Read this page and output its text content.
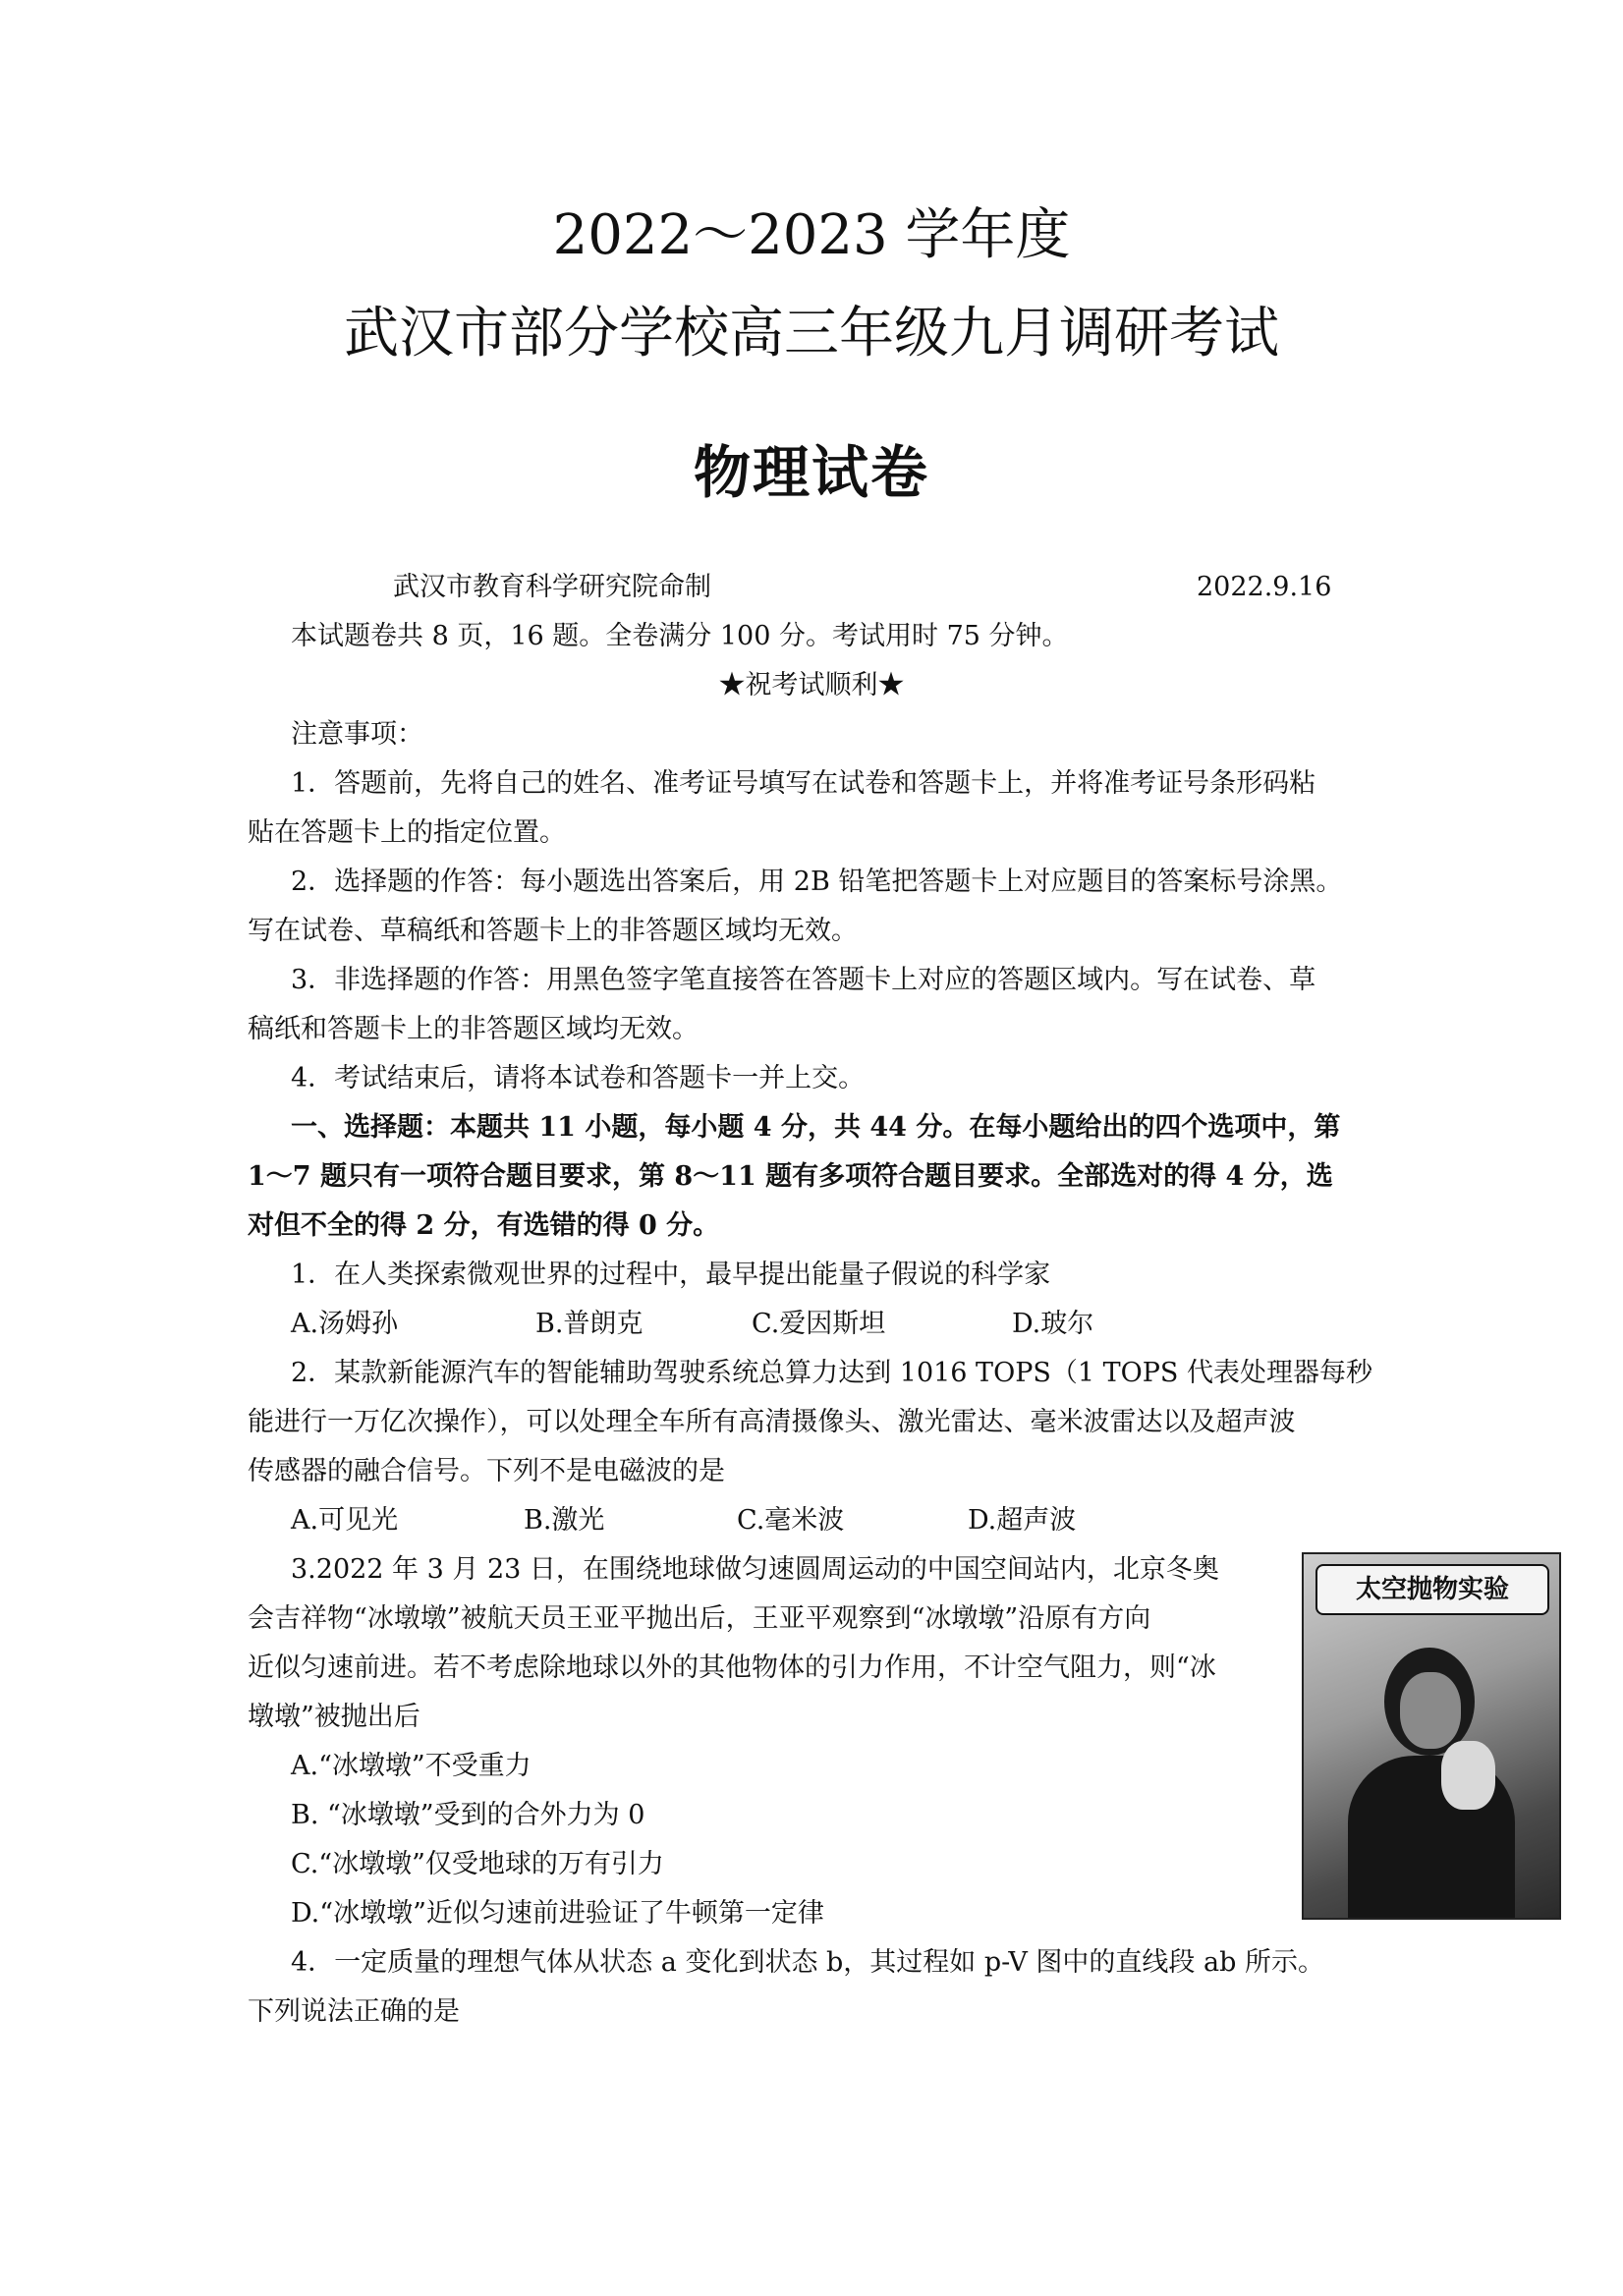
2022～2023 学年度
武汉市部分学校高三年级九月调研考试
物理试卷
武汉市教育科学研究院命制	2022.9.16
本试题卷共 8 页，16 题。全卷满分 100 分。考试用时 75 分钟。
★祝考试顺利★
注意事项：
1．答题前，先将自己的姓名、准考证号填写在试卷和答题卡上，并将准考证号条形码粘
贴在答题卡上的指定位置。
2．选择题的作答：每小题选出答案后，用 2B 铅笔把答题卡上对应题目的答案标号涂黑。
写在试卷、草稿纸和答题卡上的非答题区域均无效。
3．非选择题的作答：用黑色签字笔直接答在答题卡上对应的答题区域内。写在试卷、草
稿纸和答题卡上的非答题区域均无效。
4．考试结束后，请将本试卷和答题卡一并上交。
一、选择题：本题共 11 小题，每小题 4 分，共 44 分。在每小题给出的四个选项中，第
1～7 题只有一项符合题目要求，第 8～11 题有多项符合题目要求。全部选对的得 4 分，选
对但不全的得 2 分，有选错的得 0 分。
1．在人类探索微观世界的过程中，最早提出能量子假说的科学家
A.汤姆孙	B.普朗克	C.爱因斯坦	D.玻尔
2．某款新能源汽车的智能辅助驾驶系统总算力达到 1016 TOPS（1 TOPS 代表处理器每秒
能进行一万亿次操作），可以处理全车所有高清摄像头、激光雷达、毫米波雷达以及超声波
传感器的融合信号。下列不是电磁波的是
A.可见光	B.激光	C.毫米波	D.超声波
3.2022 年 3 月 23 日，在围绕地球做匀速圆周运动的中国空间站内，北京冬奥
会吉祥物“冰墩墩”被航天员王亚平抛出后，王亚平观察到“冰墩墩”沿原有方向
近似匀速前进。若不考虑除地球以外的其他物体的引力作用，不计空气阻力，则“冰
墩墩”被抛出后
A.“冰墩墩”不受重力
B. “冰墩墩”受到的合外力为 0
C.“冰墩墩”仅受地球的万有引力
D.“冰墩墩”近似匀速前进验证了牛顿第一定律
太空抛物实验
4．一定质量的理想气体从状态 a 变化到状态 b，其过程如 p-V 图中的直线段 ab 所示。
下列说法正确的是
